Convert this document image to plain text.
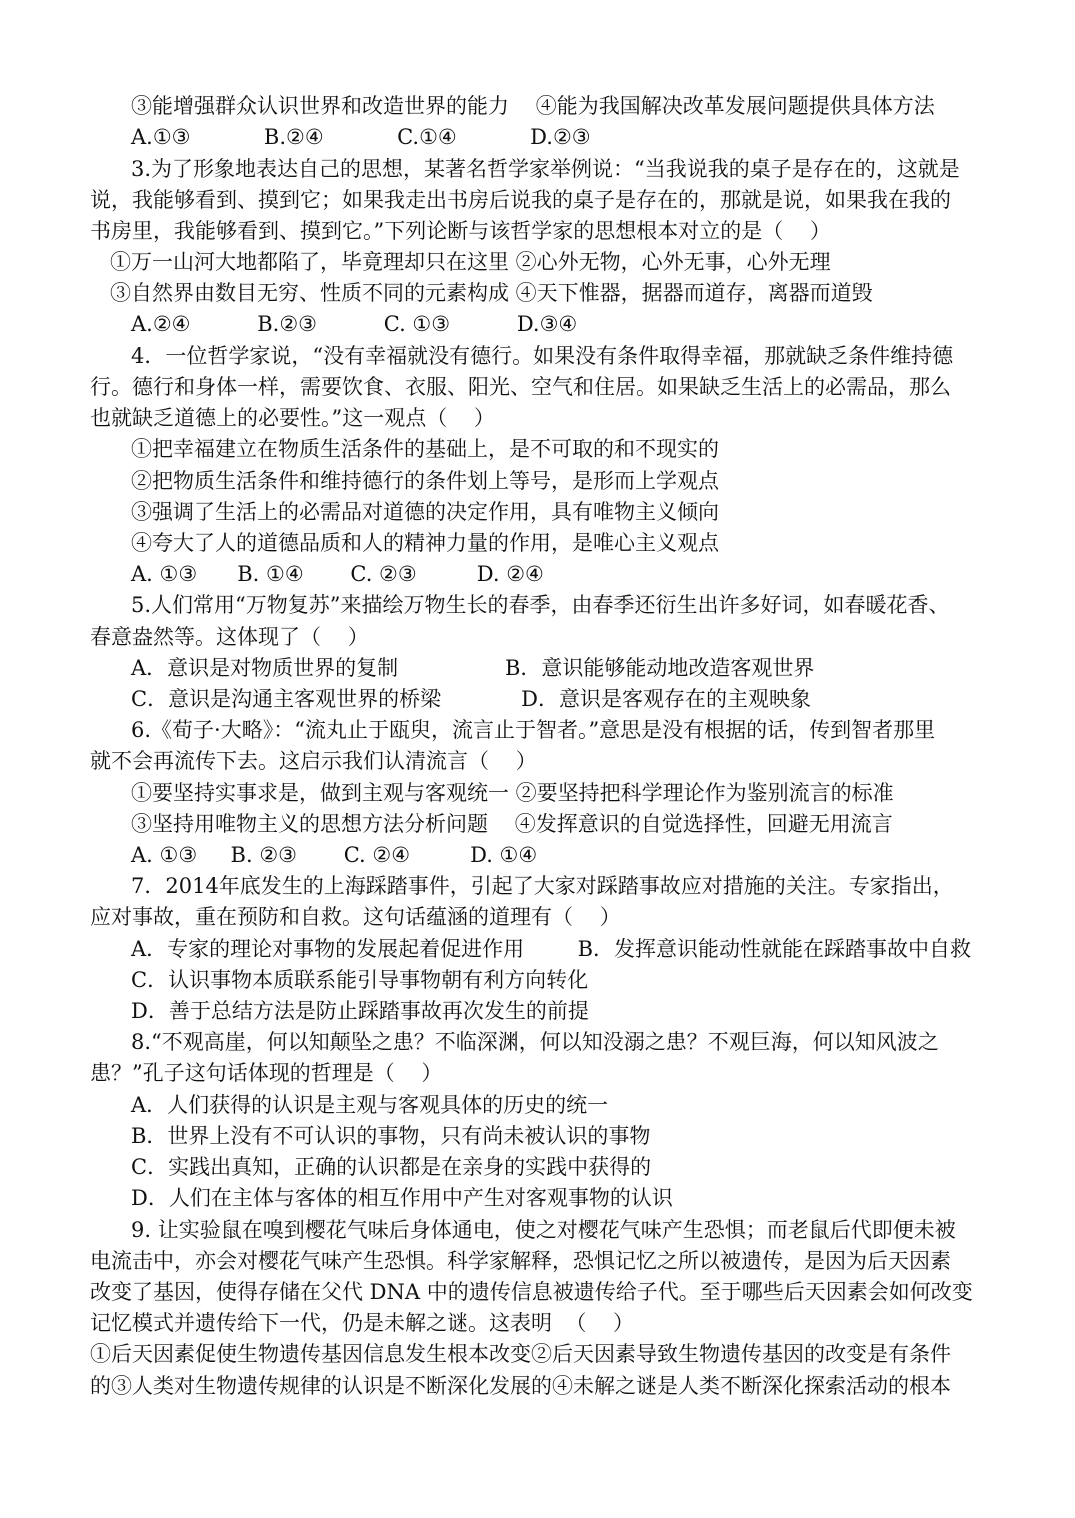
③能增强群众认识世界和改造世界的能力    ④能为我国解决改革发展问题提供具体方法
A.①③           B.②④           C.①④           D.②③
3.为了形象地表达自己的思想，某著名哲学家举例说：“当我说我的桌子是存在的，这就是
说，我能够看到、摸到它；如果我走出书房后说我的桌子是存在的，那就是说，如果我在我的
书房里，我能够看到、摸到它。”下列论断与该哲学家的思想根本对立的是（    ）
①万一山河大地都陷了，毕竟理却只在这里 ②心外无物，心外无事，心外无理
③自然界由数目无穷、性质不同的元素构成 ④天下惟器，据器而道存，离器而道毁
A.②④          B.②③          C. ①③          D.③④
4．一位哲学家说，“没有幸福就没有德行。如果没有条件取得幸福，那就缺乏条件维持德
行。德行和身体一样，需要饮食、衣服、阳光、空气和住居。如果缺乏生活上的必需品，那么
也就缺乏道德上的必要性。”这一观点（    ）
①把幸福建立在物质生活条件的基础上，是不可取的和不现实的
②把物质生活条件和维持德行的条件划上等号，是形而上学观点
③强调了生活上的必需品对道德的决定作用，具有唯物主义倾向
④夸大了人的道德品质和人的精神力量的作用，是唯心主义观点
A. ①③      B. ①④       C. ②③         D. ②④
5.人们常用“万物复苏”来描绘万物生长的春季，由春季还衍生出许多好词，如春暖花香、
春意盎然等。这体现了（    ）
A．意识是对物质世界的复制                B．意识能够能动地改造客观世界
C．意识是沟通主客观世界的桥梁            D．意识是客观存在的主观映象
6.《荀子·大略》：“流丸止于瓯臾，流言止于智者。”意思是没有根据的话，传到智者那里
就不会再流传下去。这启示我们认清流言（    ）
①要坚持实事求是，做到主观与客观统一 ②要坚持把科学理论作为鉴别流言的标准
③坚持用唯物主义的思想方法分析问题    ④发挥意识的自觉选择性，回避无用流言
A. ①③     B. ②③       C. ②④         D. ①④
7．2014年底发生的上海踩踏事件，引起了大家对踩踏事故应对措施的关注。专家指出，
应对事故，重在预防和自救。这句话蕴涵的道理有（    ）
A．专家的理论对事物的发展起着促进作用        B．发挥意识能动性就能在踩踏事故中自救
C．认识事物本质联系能引导事物朝有利方向转化
D．善于总结方法是防止踩踏事故再次发生的前提
8.“不观高崖，何以知颠坠之患？不临深渊，何以知没溺之患？不观巨海，何以知风波之
患？”孔子这句话体现的哲理是（    ）
A．人们获得的认识是主观与客观具体的历史的统一
B．世界上没有不可认识的事物，只有尚未被认识的事物
C．实践出真知，正确的认识都是在亲身的实践中获得的
D．人们在主体与客体的相互作用中产生对客观事物的认识
9. 让实验鼠在嗅到樱花气味后身体通电，使之对樱花气味产生恐惧；而老鼠后代即便未被
电流击中，亦会对樱花气味产生恐惧。科学家解释，恐惧记忆之所以被遗传，是因为后天因素
改变了基因，使得存储在父代 DNA 中的遗传信息被遗传给子代。至于哪些后天因素会如何改变
记忆模式并遗传给下一代，仍是未解之谜。这表明  （    ）
①后天因素促使生物遗传基因信息发生根本改变②后天因素导致生物遗传基因的改变是有条件
的③人类对生物遗传规律的认识是不断深化发展的④未解之谜是人类不断深化探索活动的根本
